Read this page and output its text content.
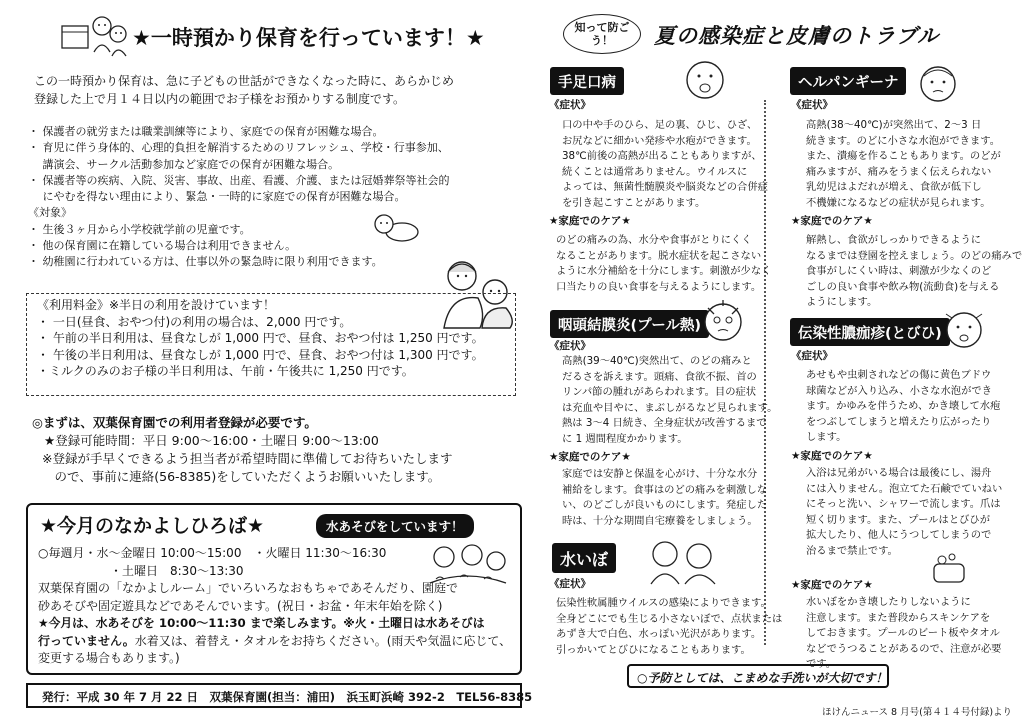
★一時預かり保育を行っています！★

この一時預かり保育は、急に子どもの世話ができなくなった時に、あらかじめ

登録した上で月１４日以内の範囲でお子様をお預かりする制度です。

・ 保護者の就労または職業訓練等により、家庭での保育が困難な場合。
・ 育児に伴う身体的、心理的負担を解消するためのリフレッシュ、学校・行事参加、
　 講演会、サークル活動参加など家庭での保育が困難な場合。
・ 保護者等の疾病、入院、災害、事故、出産、看護、介護、または冠婚葬祭等社会的
　 にやむを得ない理由により、緊急・一時的に家庭での保育が困難な場合。
《対象》
・ 生後３ヶ月から小学校就学前の児童です。
・ 他の保育園に在籍している場合は利用できません。
・ 幼稚園に行われている方は、仕事以外の緊急時に限り利用できます。
《利用料金》※半日の利用を設けています！
・ 一日(昼食、おやつ付)の利用の場合は、2,000 円です。
・ 午前の半日利用は、昼食なしが 1,000 円で、昼食、おやつ付は 1,250 円です。
・ 午後の半日利用は、昼食なしが 1,000 円で、昼食、おやつ付は 1,300 円です。
・ミルクのみのお子様の半日利用は、午前・午後共に 1,250 円です。
◎まずは、双葉保育園での利用者登録が必要です。
★登録可能時間：平日 9:00～16:00・土曜日 9:00～13:00
※登録が手早くできるよう担当者が希望時間に準備してお待ちいたします
　ので、事前に連絡(56-8385)をしていただくようお願いいたします。
★今月のなかよしひろば★	水あそびをしています！
○毎週月・水～金曜日 10:00～15:00　・火曜日 11:30～16:30
　　　　　　・土曜日　8:30～13:30
双葉保育園の「なかよしルーム」でいろいろなおもちゃであそんだり、園庭で
砂あそびや固定遊具などであそんでいます。(祝日・お盆・年末年始を除く)
★今月は、水あそびを 10:00～11:30 まで楽しみます。※火・土曜日は水あそびは
行っていません。水着又は、着替え・タオルをお持ちください。(雨天や気温に応じて、
変更する場合もあります。)
発行：平成 30 年 7 月 22 日　双葉保育園(担当：浦田)　浜玉町浜崎 392-2　TEL56-8385
知って防ごう！	夏の感染症と皮膚のトラブル
手足口病
《症状》
口の中や手のひら、足の裏、ひじ、ひざ、
お尻などに細かい発疹や水疱ができます。
38℃前後の高熱が出ることもありますが、
続くことは通常ありません。ウイルスに
よっては、無菌性髄膜炎や脳炎などの合併症
を引き起こすことがあります。
★家庭でのケア★
のどの痛みの為、水分や食事がとりにくく
なることがあります。脱水症状を起こさない
ように水分補給を十分にします。刺激が少なく
口当たりの良い食事を与えるようにします。
咽頭結膜炎(プール熱)
《症状》
高熱(39～40℃)突然出て、のどの痛みと
だるさを訴えます。頭痛、食欲不振、首の
リンパ節の腫れがあらわれます。目の症状
は充血や目やに、まぶしがるなど見られます。
熱は 3～4 日続き、全身症状が改善するまで
に 1 週間程度かかります。
★家庭でのケア★
家庭では安静と保温を心がけ、十分な水分
補給をします。食事はのどの痛みを刺激しな
い、のどごしが良いものにします。発症した
時は、十分な期間自宅療養をしましょう。
水いぼ
《症状》
伝染性軟属腫ウイルスの感染によりできます。
全身どこにでも生じる小さないぼで、点状または
あずき大で白色、水っぽい光沢があります。
引っかいてとびひになることもあります。
ヘルパンギーナ
《症状》
高熱(38～40℃)が突然出て、2～3 日
続きます。のどに小さな水泡ができます。
また、潰瘍を作ることもあります。のどが
痛みますが、痛みをうまく伝えられない
乳幼児はよだれが増え、食欲が低下し
不機嫌になるなどの症状が見られます。
★家庭でのケア★
解熱し、食欲がしっかりできるように
なるまでは登園を控えましょう。のどの痛みで
食事がしにくい時は、刺激が少なくのど
ごしの良い食事や飲み物(流動食)を与える
ようにします。
伝染性膿痂疹(とびひ)
《症状》
あせもや虫刺されなどの傷に黄色ブドウ
球菌などが入り込み、小さな水泡ができ
ます。かゆみを伴うため、かき壊して水疱
をつぶしてしまうと増えたり広がったり
します。
★家庭でのケア★
入浴は兄弟がいる場合は最後にし、湯舟
には入りません。泡立てた石鹸でていねい
にそっと洗い、シャワーで流します。爪は
短く切ります。また、プールはとびひが
拡大したり、他人にうつしてしまうので
治るまで禁止です。
★家庭でのケア★
水いぼをかき壊したりしないように
注意します。また普段からスキンケアを
しておきます。プールのビート板やタオル
などでうつることがあるので、注意が必要
です。
○予防としては、こまめな手洗いが大切です！
ほけんニュース 8 月号(第４１４号付録)より
